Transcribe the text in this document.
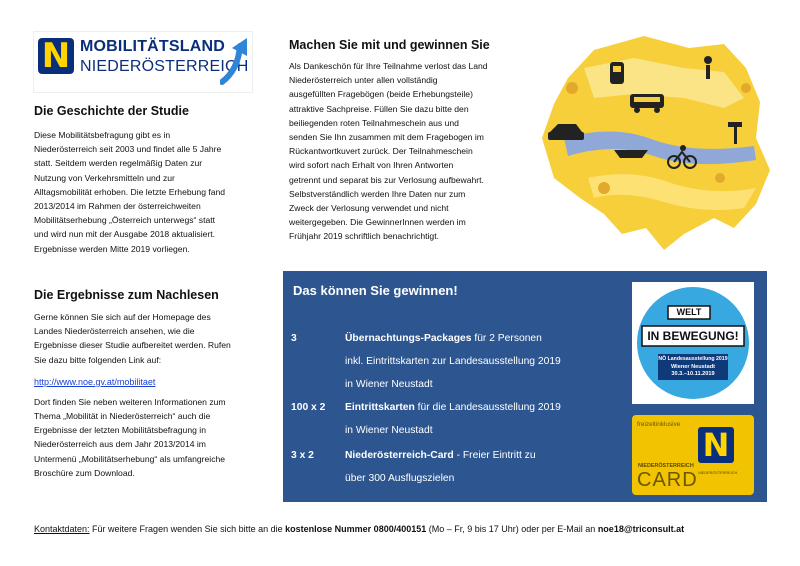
N MOBILITÄTSLAND
NIEDERÖSTERREICH
Die Geschichte der Studie
Diese Mobilitätsbefragung gibt es in
Niederösterreich seit 2003 und findet alle 5 Jahre
statt. Seitdem werden regelmäßig Daten zur
Nutzung von Verkehrsmitteln und zur
Alltagsmobilität erhoben. Die letzte Erhebung fand
2013/2014 im Rahmen der österreichweiten
Mobilitätserhebung „Österreich unterwegs“ statt
und wird nun mit der Ausgabe 2018 aktualisiert.
Ergebnisse werden Mitte 2019 vorliegen.
Die Ergebnisse zum Nachlesen
Gerne können Sie sich auf der Homepage des
Landes Niederösterreich ansehen, wie die
Ergebnisse dieser Studie aufbereitet werden. Rufen
Sie dazu bitte folgenden Link auf:
http://www.noe.gv.at/mobilitaet
Dort finden Sie neben weiteren Informationen zum
Thema „Mobilität in Niederösterreich“ auch die
Ergebnisse der letzten Mobilitätsbefragung in
Niederösterreich aus dem Jahr 2013/2014 im
Untermenü „Mobilitätserhebung“ als umfangreiche
Broschüre zum Download.
Machen Sie mit und gewinnen Sie
Als Dankeschön für Ihre Teilnahme verlost das Land
Niederösterreich unter allen vollständig
ausgefüllten Fragebögen (beide Erhebungsteile)
attraktive Sachpreise. Füllen Sie dazu bitte den
beiliegenden roten Teilnahmeschein aus und
senden Sie Ihn zusammen mit dem Fragebogen im
Rückantwortkuvert zurück. Der Teilnahmeschein
wird sofort nach Erhalt von Ihren Antworten
getrennt und separat bis zur Verlosung aufbewahrt.
Selbstverständlich werden Ihre Daten nur zum
Zweck der Verlosung verwendet und nicht
weitergegeben. Die GewinnerInnen werden im
Frühjahr 2019 schriftlich benachrichtigt.
Das können Sie gewinnen!
3	Übernachtungs-Packages für 2 Personen
inkl. Eintrittskarten zur Landesausstellung 2019
in Wiener Neustadt
100 x 2 Eintrittskarten für die Landesausstellung 2019
in Wiener Neustadt
3 x 2	Niederösterreich-Card - Freier Eintritt zu
über 300 Ausflugszielen
WELT
IN BEWEGUNG!
NÖ Landesausstellung 2019
Wiener Neustadt
30.3.–10.11.2019
freizeitinklusive
N
NIEDERÖSTERREICH
CARD NIEDERÖSTERREICH
Kontaktdaten: Für weitere Fragen wenden Sie sich bitte an die kostenlose Nummer 0800/400151 (Mo – Fr, 9 bis 17 Uhr) oder per E-Mail an noe18@triconsult.at
